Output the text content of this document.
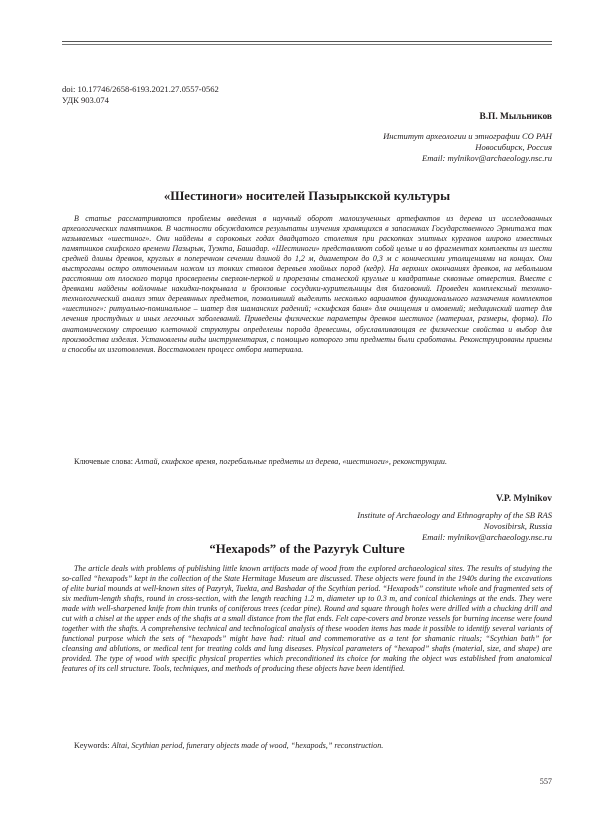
doi: 10.17746/2658-6193.2021.27.0557-0562
УДК 903.074
В.П. Мыльников
Институт археологии и этнографии СО РАН
Новосибирск, Россия
Email: mylnikov@archaeology.nsc.ru
«Шестиноги» носителей Пазырыкской культуры

В статье рассматриваются проблемы введения в научный оборот малоизученных артефактов из дерева из исследованных археологических памятников. В частности обсуждаются результаты изучения хранящихся в запасниках Государственного Эрмитажа так называемых «шестиног». Они найдены в сороковых годах двадцатого столетия при раскопках элитных курганов широко известных памятников скифского времени Пазырык, Туэкта, Башадар. «Шестиноги» представляют собой целые и во фрагментах комплекты из шести средней длины древков, круглых в поперечном сечении длиной до 1,2 м, диаметром до 0,3 м с коническими утолщениями на концах. Они выстроганы остро отточенным ножом из тонких стволов деревьев хвойных пород (кедр). На верхних окончаниях древков, на небольшом расстоянии от плоского торца просверлены сверлом-перкой и прорезаны стамеской круглые и квадратные сквозные отверстия. Вместе с древками найдены войлочные накидки-покрывала и бронзовые сосудики-курительницы для благовоний. Проведен комплексный технико-технологический анализ этих деревянных предметов, позволивший выделить несколько вариантов функционального назначения комплектов «шестиног»: ритуально-поминальное – шатер для шаманских радений; «скифская баня» для очищения и омовений; медицинский шатер для лечения простудных и иных легочных заболеваний. Приведены физические параметры древков шестиног (материал, размеры, форма). По анатомическому строению клеточной структуры определены порода древесины, обуславливающая ее физические свойства и выбор для производства изделия. Установлены виды инструментария, с помощью которого эти предметы были сработаны. Реконструированы приемы и способы их изготовления. Восстановлен процесс отбора материала.

Ключевые слова: Алтай, скифское время, погребальные предметы из дерева, «шестиноги», реконструкции.
V.P. Mylnikov
Institute of Archaeology and Ethnography of the SB RAS
Novosibirsk, Russia
Email: mylnikov@archaeology.nsc.ru
“Hexapods” of the Pazyryk Culture

The article deals with problems of publishing little known artifacts made of wood from the explored archaeological sites. The results of studying the so-called “hexapods” kept in the collection of the State Hermitage Museum are discussed. These objects were found in the 1940s during the excavations of elite burial mounds at well-known sites of Pazyryk, Tuekta, and Bashadar of the Scythian period. “Hexapods” constitute whole and fragmented sets of six medium-length shafts, round in cross-section, with the length reaching 1.2 m, diameter up to 0.3 m, and conical thickenings at the ends. They were made with well-sharpened knife from thin trunks of coniferous trees (cedar pine). Round and square through holes were drilled with a chucking drill and cut with a chisel at the upper ends of the shafts at a small distance from the flat ends. Felt cape-covers and bronze vessels for burning incense were found together with the shafts. A comprehensive technical and technological analysis of these wooden items has made it possible to identify several variants of functional purpose which the sets of “hexapods” might have had: ritual and commemorative as a tent for shamanic rituals; “Scythian bath” for cleansing and ablutions, or medical tent for treating colds and lung diseases. Physical parameters of “hexapod” shafts (material, size, and shape) are provided. The type of wood with specific physical properties which preconditioned its choice for making the object was established from anatomical features of its cell structure. Tools, techniques, and methods of producing these objects have been identified.

Keywords: Altai, Scythian period, funerary objects made of wood, “hexapods,” reconstruction.
557
